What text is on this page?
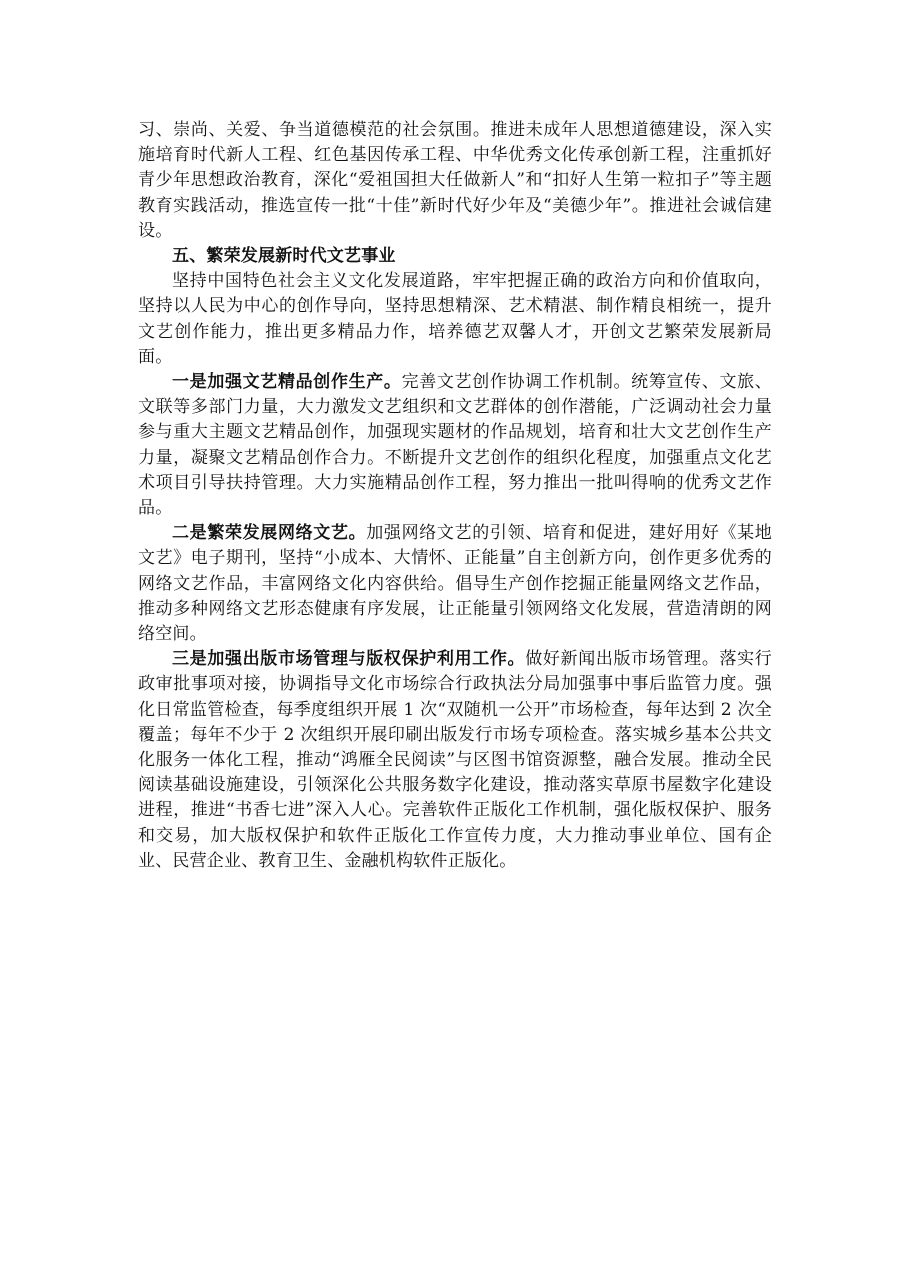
习、崇尚、关爱、争当道德模范的社会氛围。推进未成年人思想道德建设，深入实施培育时代新人工程、红色基因传承工程、中华优秀文化传承创新工程，注重抓好青少年思想政治教育，深化“爱祖国担大任做新人”和“扣好人生第一粒扣子”等主题教育实践活动，推选宣传一批“十佳”新时代好少年及“美德少年”。推进社会诚信建设。

五、繁荣发展新时代文艺事业

坚持中国特色社会主义文化发展道路，牢牢把握正确的政治方向和价值取向，坚持以人民为中心的创作导向，坚持思想精深、艺术精湛、制作精良相统一，提升文艺创作能力，推出更多精品力作，培养德艺双馨人才，开创文艺繁荣发展新局面。

一是加强文艺精品创作生产。完善文艺创作协调工作机制。统筹宣传、文旅、文联等多部门力量，大力激发文艺组织和文艺群体的创作潜能，广泛调动社会力量参与重大主题文艺精品创作，加强现实题材的作品规划，培育和壮大文艺创作生产力量，凝聚文艺精品创作合力。不断提升文艺创作的组织化程度，加强重点文化艺术项目引导扶持管理。大力实施精品创作工程，努力推出一批叫得响的优秀文艺作品。

二是繁荣发展网络文艺。加强网络文艺的引领、培育和促进，建好用好《某地文艺》电子期刊，坚持“小成本、大情怀、正能量”自主创新方向，创作更多优秀的网络文艺作品，丰富网络文化内容供给。倡导生产创作挖掘正能量网络文艺作品，推动多种网络文艺形态健康有序发展，让正能量引领网络文化发展，营造清朗的网络空间。

三是加强出版市场管理与版权保护利用工作。做好新闻出版市场管理。落实行政审批事项对接，协调指导文化市场综合行政执法分局加强事中事后监管力度。强化日常监管检查，每季度组织开展 1 次“双随机一公开”市场检查，每年达到 2 次全覆盖；每年不少于 2 次组织开展印刷出版发行市场专项检查。落实城乡基本公共文化服务一体化工程，推动“鸿雁全民阅读”与区图书馆资源整，融合发展。推动全民阅读基础设施建设，引领深化公共服务数字化建设，推动落实草原书屋数字化建设进程，推进“书香七进”深入人心。完善软件正版化工作机制，强化版权保护、服务和交易，加大版权保护和软件正版化工作宣传力度，大力推动事业单位、国有企业、民营企业、教育卫生、金融机构软件正版化。
